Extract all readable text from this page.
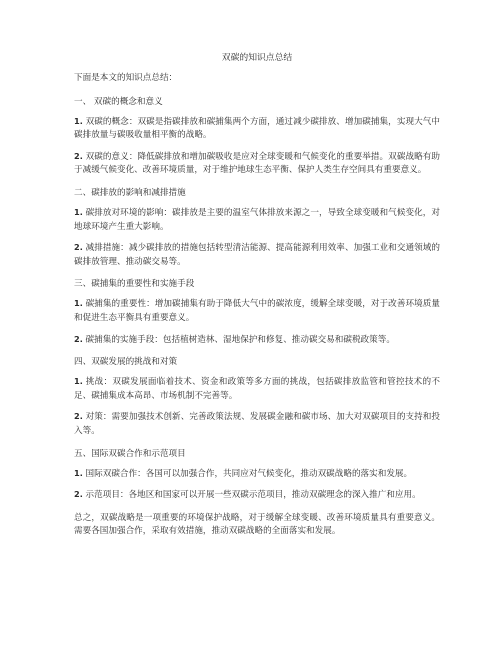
双碳的知识点总结
下面是本文的知识点总结：
一、 双碳的概念和意义
1. 双碳的概念：双碳是指碳排放和碳捕集两个方面，通过减少碳排放、增加碳捕集，实现大气中碳排放量与碳吸收量相平衡的战略。
2. 双碳的意义：降低碳排放和增加碳吸收是应对全球变暖和气候变化的重要举措。双碳战略有助于减缓气候变化、改善环境质量，对于维护地球生态平衡、保护人类生存空间具有重要意义。
二、碳排放的影响和减排措施
1. 碳排放对环境的影响：碳排放是主要的温室气体排放来源之一，导致全球变暖和气候变化，对地球环境产生重大影响。
2. 减排措施：减少碳排放的措施包括转型清洁能源、提高能源利用效率、加强工业和交通领域的碳排放管理、推动碳交易等。
三、碳捕集的重要性和实施手段
1. 碳捕集的重要性：增加碳捕集有助于降低大气中的碳浓度，缓解全球变暖，对于改善环境质量和促进生态平衡具有重要意义。
2. 碳捕集的实施手段：包括植树造林、湿地保护和修复、推动碳交易和碳税政策等。
四、双碳发展的挑战和对策
1. 挑战：双碳发展面临着技术、资金和政策等多方面的挑战，包括碳排放监管和管控技术的不足、碳捕集成本高昂、市场机制不完善等。
2. 对策：需要加强技术创新、完善政策法规、发展碳金融和碳市场、加大对双碳项目的支持和投入等。
五、国际双碳合作和示范项目
1. 国际双碳合作：各国可以加强合作，共同应对气候变化，推动双碳战略的落实和发展。
2. 示范项目：各地区和国家可以开展一些双碳示范项目，推动双碳理念的深入推广和应用。
总之，双碳战略是一项重要的环境保护战略，对于缓解全球变暖、改善环境质量具有重要意义。需要各国加强合作，采取有效措施，推动双碳战略的全面落实和发展。
